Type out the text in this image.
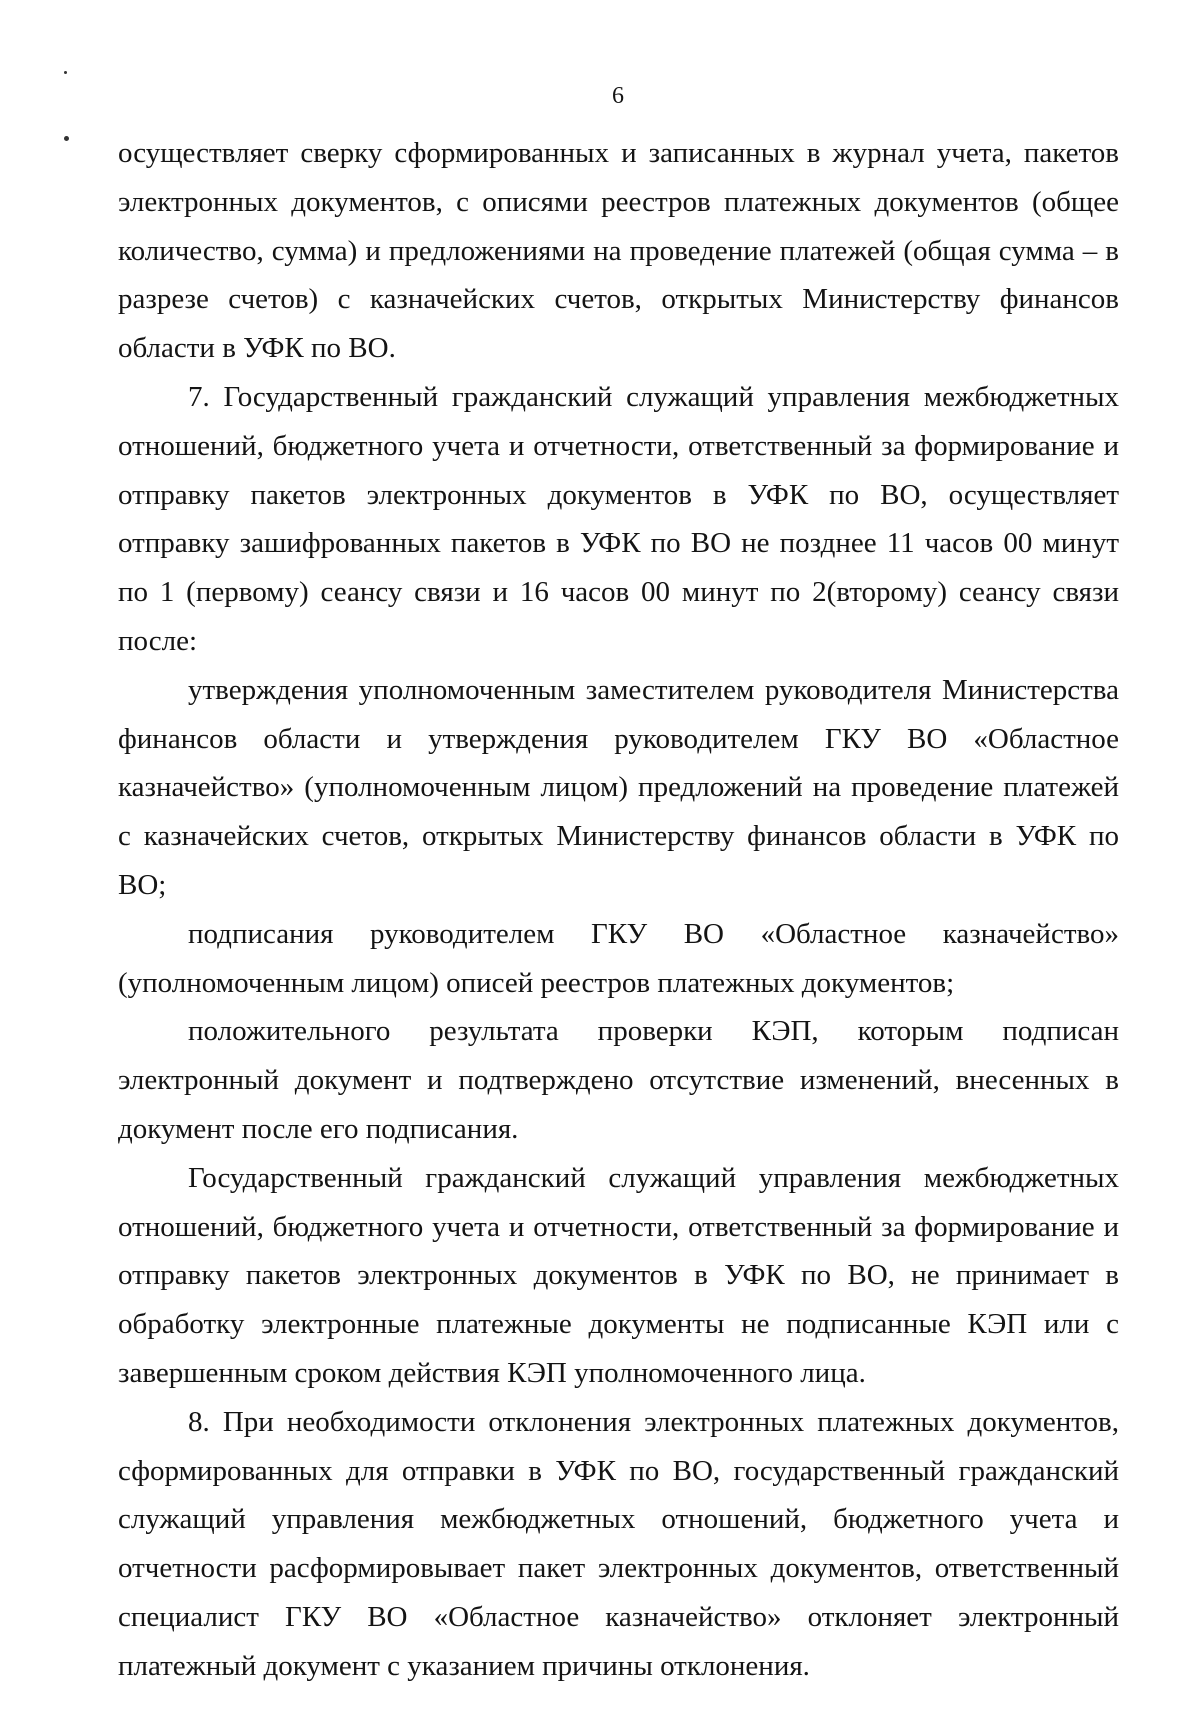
6

осуществляет сверку сформированных и записанных в журнал учета, пакетов электронных документов, с описями реестров платежных документов (общее количество, сумма) и предложениями на проведение платежей (общая сумма – в разрезе счетов) с казначейских счетов, открытых Министерству финансов области в УФК по ВО.

7. Государственный гражданский служащий управления межбюджетных отношений, бюджетного учета и отчетности, ответственный за формирование и отправку пакетов электронных документов в УФК по ВО, осуществляет отправку зашифрованных пакетов в УФК по ВО не позднее 11 часов 00 минут по 1 (первому) сеансу связи и 16 часов 00 минут по 2(второму) сеансу связи после:

утверждения уполномоченным заместителем руководителя Министерства финансов области и утверждения руководителем ГКУ ВО «Областное казначейство» (уполномоченным лицом) предложений на проведение платежей с казначейских счетов, открытых Министерству финансов области в УФК по ВО;

подписания руководителем ГКУ ВО «Областное казначейство» (уполномоченным лицом) описей реестров платежных документов;

положительного результата проверки КЭП, которым подписан электронный документ и подтверждено отсутствие изменений, внесенных в документ после его подписания.

Государственный гражданский служащий управления межбюджетных отношений, бюджетного учета и отчетности, ответственный за формирование и отправку пакетов электронных документов в УФК по ВО, не принимает в обработку электронные платежные документы не подписанные КЭП или с завершенным сроком действия КЭП уполномоченного лица.

8. При необходимости отклонения электронных платежных документов, сформированных для отправки в УФК по ВО, государственный гражданский служащий управления межбюджетных отношений, бюджетного учета и отчетности расформировывает пакет электронных документов, ответственный специалист ГКУ ВО «Областное казначейство» отклоняет электронный платежный документ с указанием причины отклонения.
